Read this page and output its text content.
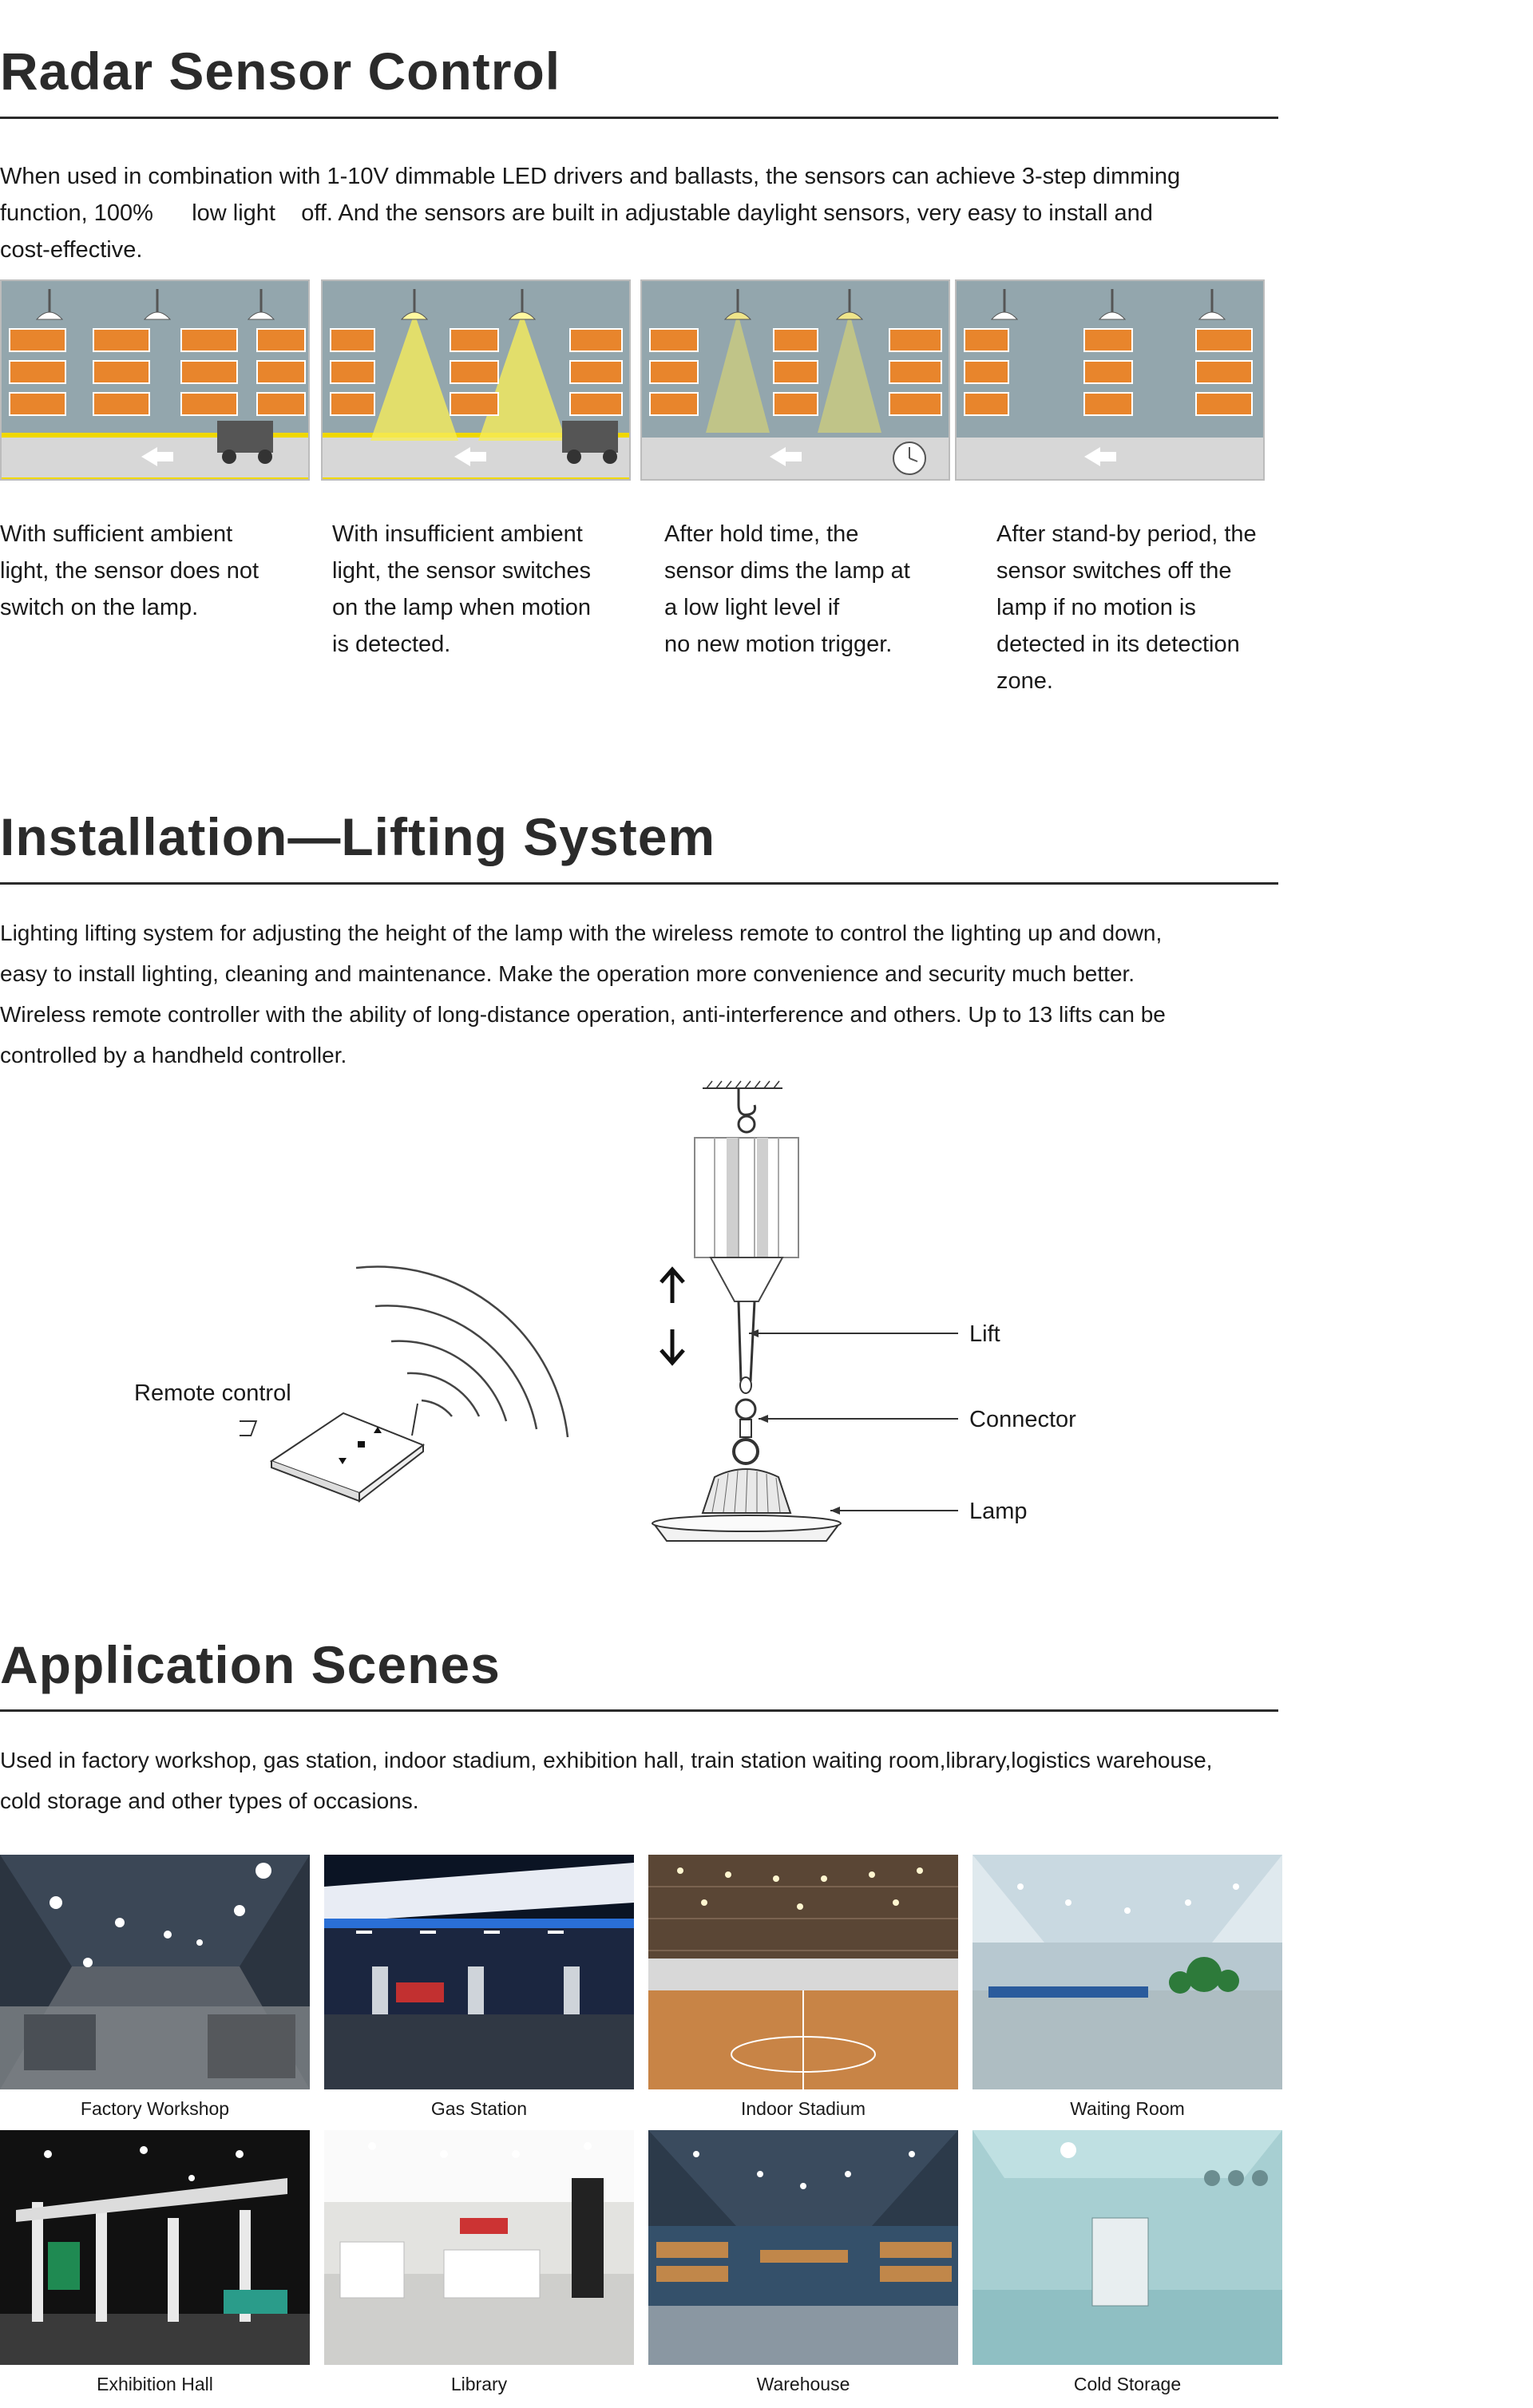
Radar Sensor Control
When used in combination with 1-10V dimmable LED drivers and ballasts, the sensors can achieve 3-step dimming
function, 100%      low light    off. And the sensors are built in adjustable daylight sensors, very easy to install and
cost-effective.
With sufficient ambient
light, the sensor does not
switch on the lamp.
With insufficient ambient
light, the sensor switches
on the lamp when motion
is detected.
After hold time, the
sensor dims the lamp at
a low light level if
no new motion trigger.
After stand-by period, the
sensor switches off the
lamp if no motion is
detected in its detection
zone.
Installation—Lifting System
Lighting lifting system for adjusting the height of the lamp with the wireless remote to control the lighting up and down,
easy to install lighting, cleaning and maintenance. Make the operation more convenience and security much better.
Wireless remote controller with the ability of long-distance operation, anti-interference and others. Up to 13 lifts can be
controlled by a handheld controller.
Remote control
Lift
Connector
Lamp
Application Scenes
Used in factory workshop, gas station, indoor stadium, exhibition hall, train station waiting room,library,logistics warehouse,
cold storage and other types of occasions.
Factory Workshop	Gas Station	Indoor Stadium	Waiting Room
Exhibition Hall	Library	Warehouse	Cold Storage
